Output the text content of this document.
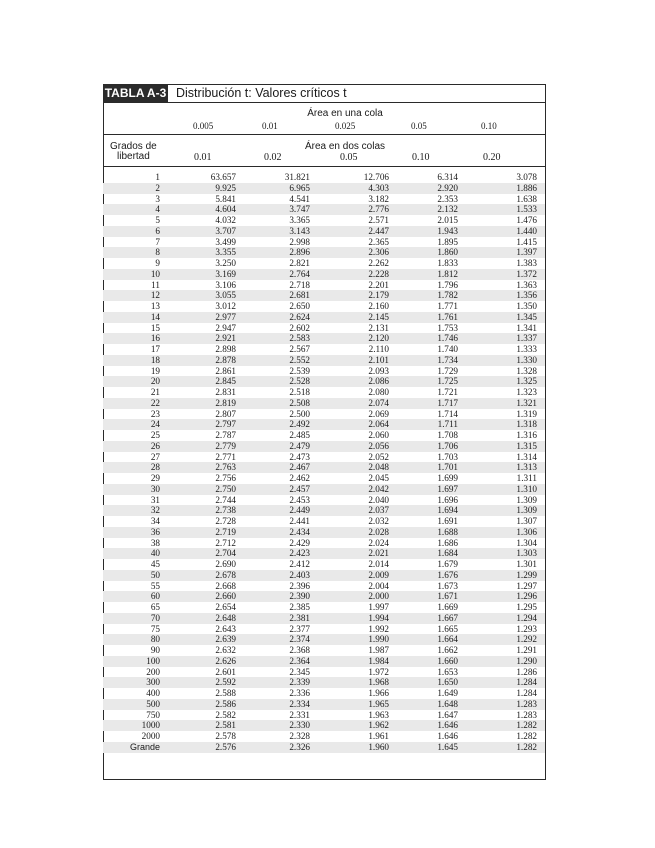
TABLA A-3 Distribución t: Valores críticos t
Área en una cola
Grados de
libertad
Área en dos colas
1	63.657	31.821	12.706	6.314	3.078
2	9.925	6.965	4.303	2.920	1.886
3	5.841	4.541	3.182	2.353	1.638
4	4.604	3.747	2.776	2.132	1.533
5	4.032	3.365	2.571	2.015	1.476
6	3.707	3.143	2.447	1.943	1.440
7	3.499	2.998	2.365	1.895	1.415
8	3.355	2.896	2.306	1.860	1.397
9	3.250	2.821	2.262	1.833	1.383
10	3.169	2.764	2.228	1.812	1.372
11	3.106	2.718	2.201	1.796	1.363
12	3.055	2.681	2.179	1.782	1.356
13	3.012	2.650	2.160	1.771	1.350
14	2.977	2.624	2.145	1.761	1.345
15	2.947	2.602	2.131	1.753	1.341
16	2.921	2.583	2.120	1.746	1.337
17	2.898	2.567	2.110	1.740	1.333
18	2.878	2.552	2.101	1.734	1.330
19	2.861	2.539	2.093	1.729	1.328
20	2.845	2.528	2.086	1.725	1.325
21	2.831	2.518	2.080	1.721	1.323
22	2.819	2.508	2.074	1.717	1.321
23	2.807	2.500	2.069	1.714	1.319
24	2.797	2.492	2.064	1.711	1.318
25	2.787	2.485	2.060	1.708	1.316
26	2.779	2.479	2.056	1.706	1.315
27	2.771	2.473	2.052	1.703	1.314
28	2.763	2.467	2.048	1.701	1.313
29	2.756	2.462	2.045	1.699	1.311
30	2.750	2.457	2.042	1.697	1.310
31	2.744	2.453	2.040	1.696	1.309
32	2.738	2.449	2.037	1.694	1.309
34	2.728	2.441	2.032	1.691	1.307
36	2.719	2.434	2.028	1.688	1.306
38	2.712	2.429	2.024	1.686	1.304
40	2.704	2.423	2.021	1.684	1.303
45	2.690	2.412	2.014	1.679	1.301
50	2.678	2.403	2.009	1.676	1.299
55	2.668	2.396	2.004	1.673	1.297
60	2.660	2.390	2.000	1.671	1.296
65	2.654	2.385	1.997	1.669	1.295
70	2.648	2.381	1.994	1.667	1.294
75	2.643	2.377	1.992	1.665	1.293
80	2.639	2.374	1.990	1.664	1.292
90	2.632	2.368	1.987	1.662	1.291
100	2.626	2.364	1.984	1.660	1.290
200	2.601	2.345	1.972	1.653	1.286
300	2.592	2.339	1.968	1.650	1.284
400	2.588	2.336	1.966	1.649	1.284
500	2.586	2.334	1.965	1.648	1.283
750	2.582	2.331	1.963	1.647	1.283
1000	2.581	2.330	1.962	1.646	1.282
2000	2.578	2.328	1.961	1.646	1.282
Grande	2.576	2.326	1.960	1.645	1.282
0.005	0.01	0.025	0.05	0.10
0.01	0.02	0.05	0.10	0.20
